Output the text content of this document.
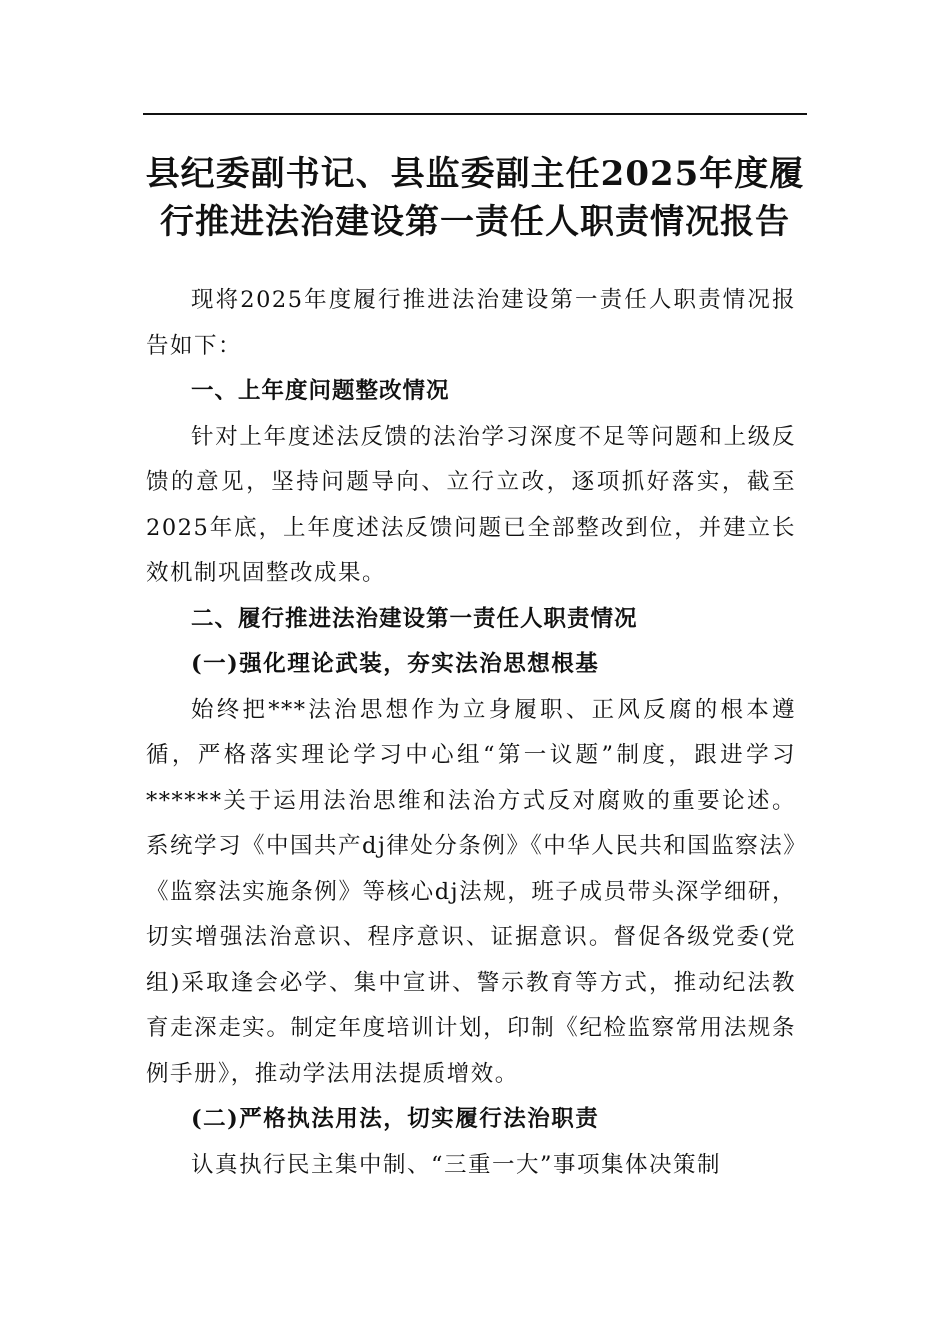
县纪委副书记、县监委副主任2025年度履行推进法治建设第一责任人职责情况报告

现将2025年度履行推进法治建设第一责任人职责情况报告如下：

一、上年度问题整改情况

针对上年度述法反馈的法治学习深度不足等问题和上级反馈的意见，坚持问题导向、立行立改，逐项抓好落实，截至2025年底，上年度述法反馈问题已全部整改到位，并建立长效机制巩固整改成果。

二、履行推进法治建设第一责任人职责情况

(一)强化理论武装，夯实法治思想根基

始终把***法治思想作为立身履职、正风反腐的根本遵循，严格落实理论学习中心组“第一议题”制度，跟进学习******关于运用法治思维和法治方式反对腐败的重要论述。系统学习《中国共产dj律处分条例》《中华人民共和国监察法》《监察法实施条例》等核心dj法规，班子成员带头深学细研，切实增强法治意识、程序意识、证据意识。督促各级党委(党组)采取逢会必学、集中宣讲、警示教育等方式，推动纪法教育走深走实。制定年度培训计划，印制《纪检监察常用法规条例手册》，推动学法用法提质增效。

(二)严格执法用法，切实履行法治职责

认真执行民主集中制、“三重一大”事项集体决策制
